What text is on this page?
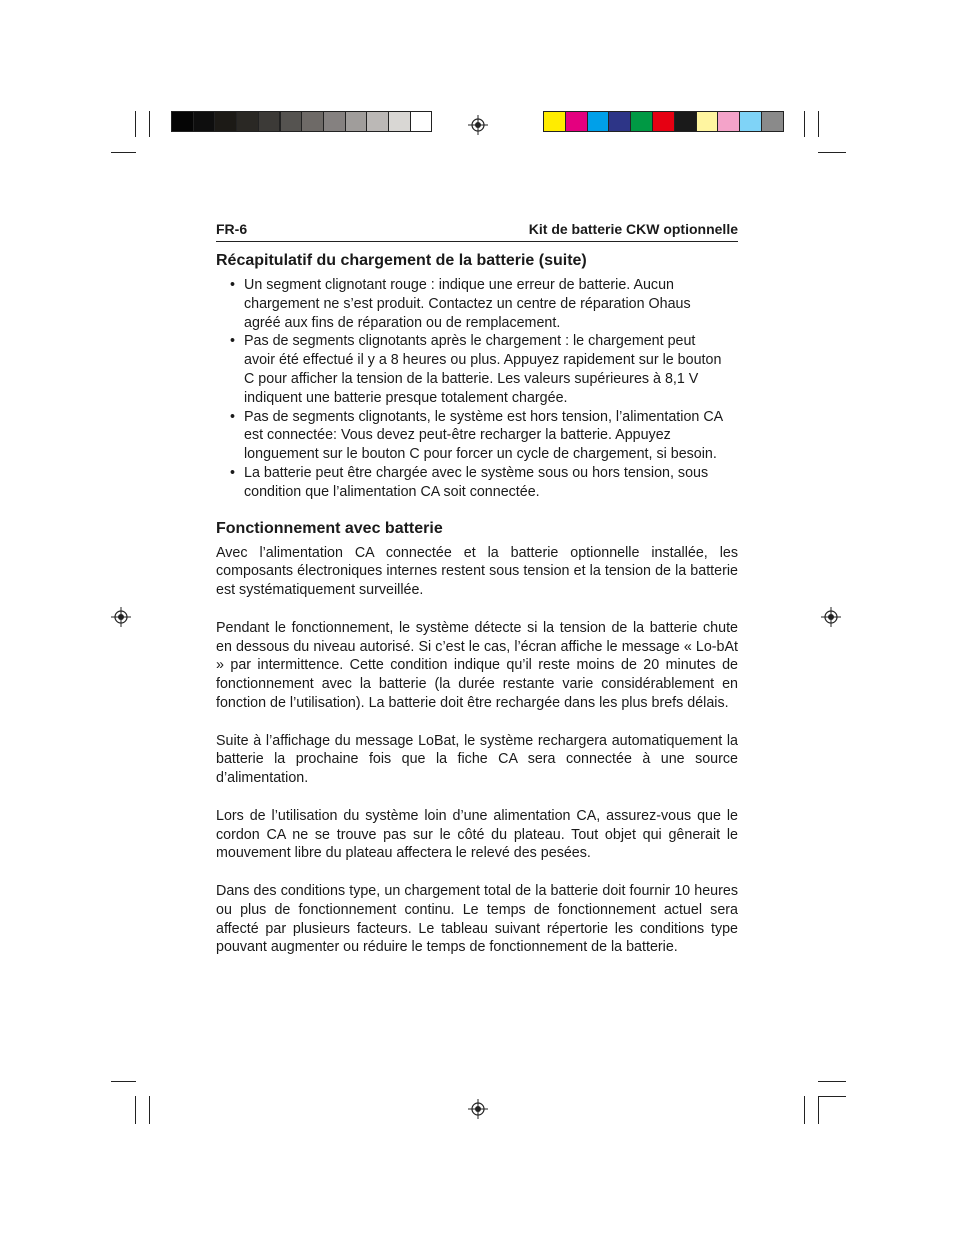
FR-6	Kit de batterie CKW optionnelle
Récapitulatif du chargement de la batterie (suite)
• Un segment clignotant rouge : indique une erreur de batterie. Aucun chargement ne s’est produit. Contactez un centre de réparation Ohaus agréé aux fins de réparation ou de remplacement.
• Pas de segments clignotants après le chargement : le chargement peut avoir été effectué il y a 8 heures ou plus. Appuyez rapidement sur le bouton C pour afficher la tension de la batterie. Les valeurs supérieures à 8,1 V indiquent une batterie presque totalement chargée.
• Pas de segments clignotants, le système est hors tension, l’alimentation CA est connectée: Vous devez peut-être recharger la batterie. Appuyez longuement sur le bouton C pour forcer un cycle de chargement, si besoin.
• La batterie peut être chargée avec le système sous ou hors tension, sous condition que l’alimentation CA soit connectée.
Fonctionnement avec batterie

Avec l’alimentation CA connectée et la batterie optionnelle installée, les composants électroniques internes restent sous tension et la tension de la batterie est systématiquement surveillée.

Pendant le fonctionnement, le système détecte si la tension de la batterie chute en dessous du niveau autorisé. Si c’est le cas, l’écran affiche le message « Lo-bAt » par intermittence. Cette condition indique qu’il reste moins de 20 minutes de fonctionnement avec la batterie (la durée restante varie considérablement en fonction de l’utilisation). La batterie doit être rechargée dans les plus brefs délais.

Suite à l’affichage du message LoBat, le système rechargera automatiquement la batterie la prochaine fois que la fiche CA sera connectée à une source d’alimentation.

Lors de l’utilisation du système loin d’une alimentation CA, assurez-vous que le cordon CA ne se trouve pas sur le côté du plateau. Tout objet qui gênerait le mouvement libre du plateau affectera le relevé des pesées.

Dans des conditions type, un chargement total de la batterie doit fournir 10 heures ou plus de fonctionnement continu. Le temps de fonctionnement actuel sera affecté par plusieurs facteurs. Le tableau suivant répertorie les conditions type pouvant augmenter ou réduire le temps de fonctionnement de la batterie.
